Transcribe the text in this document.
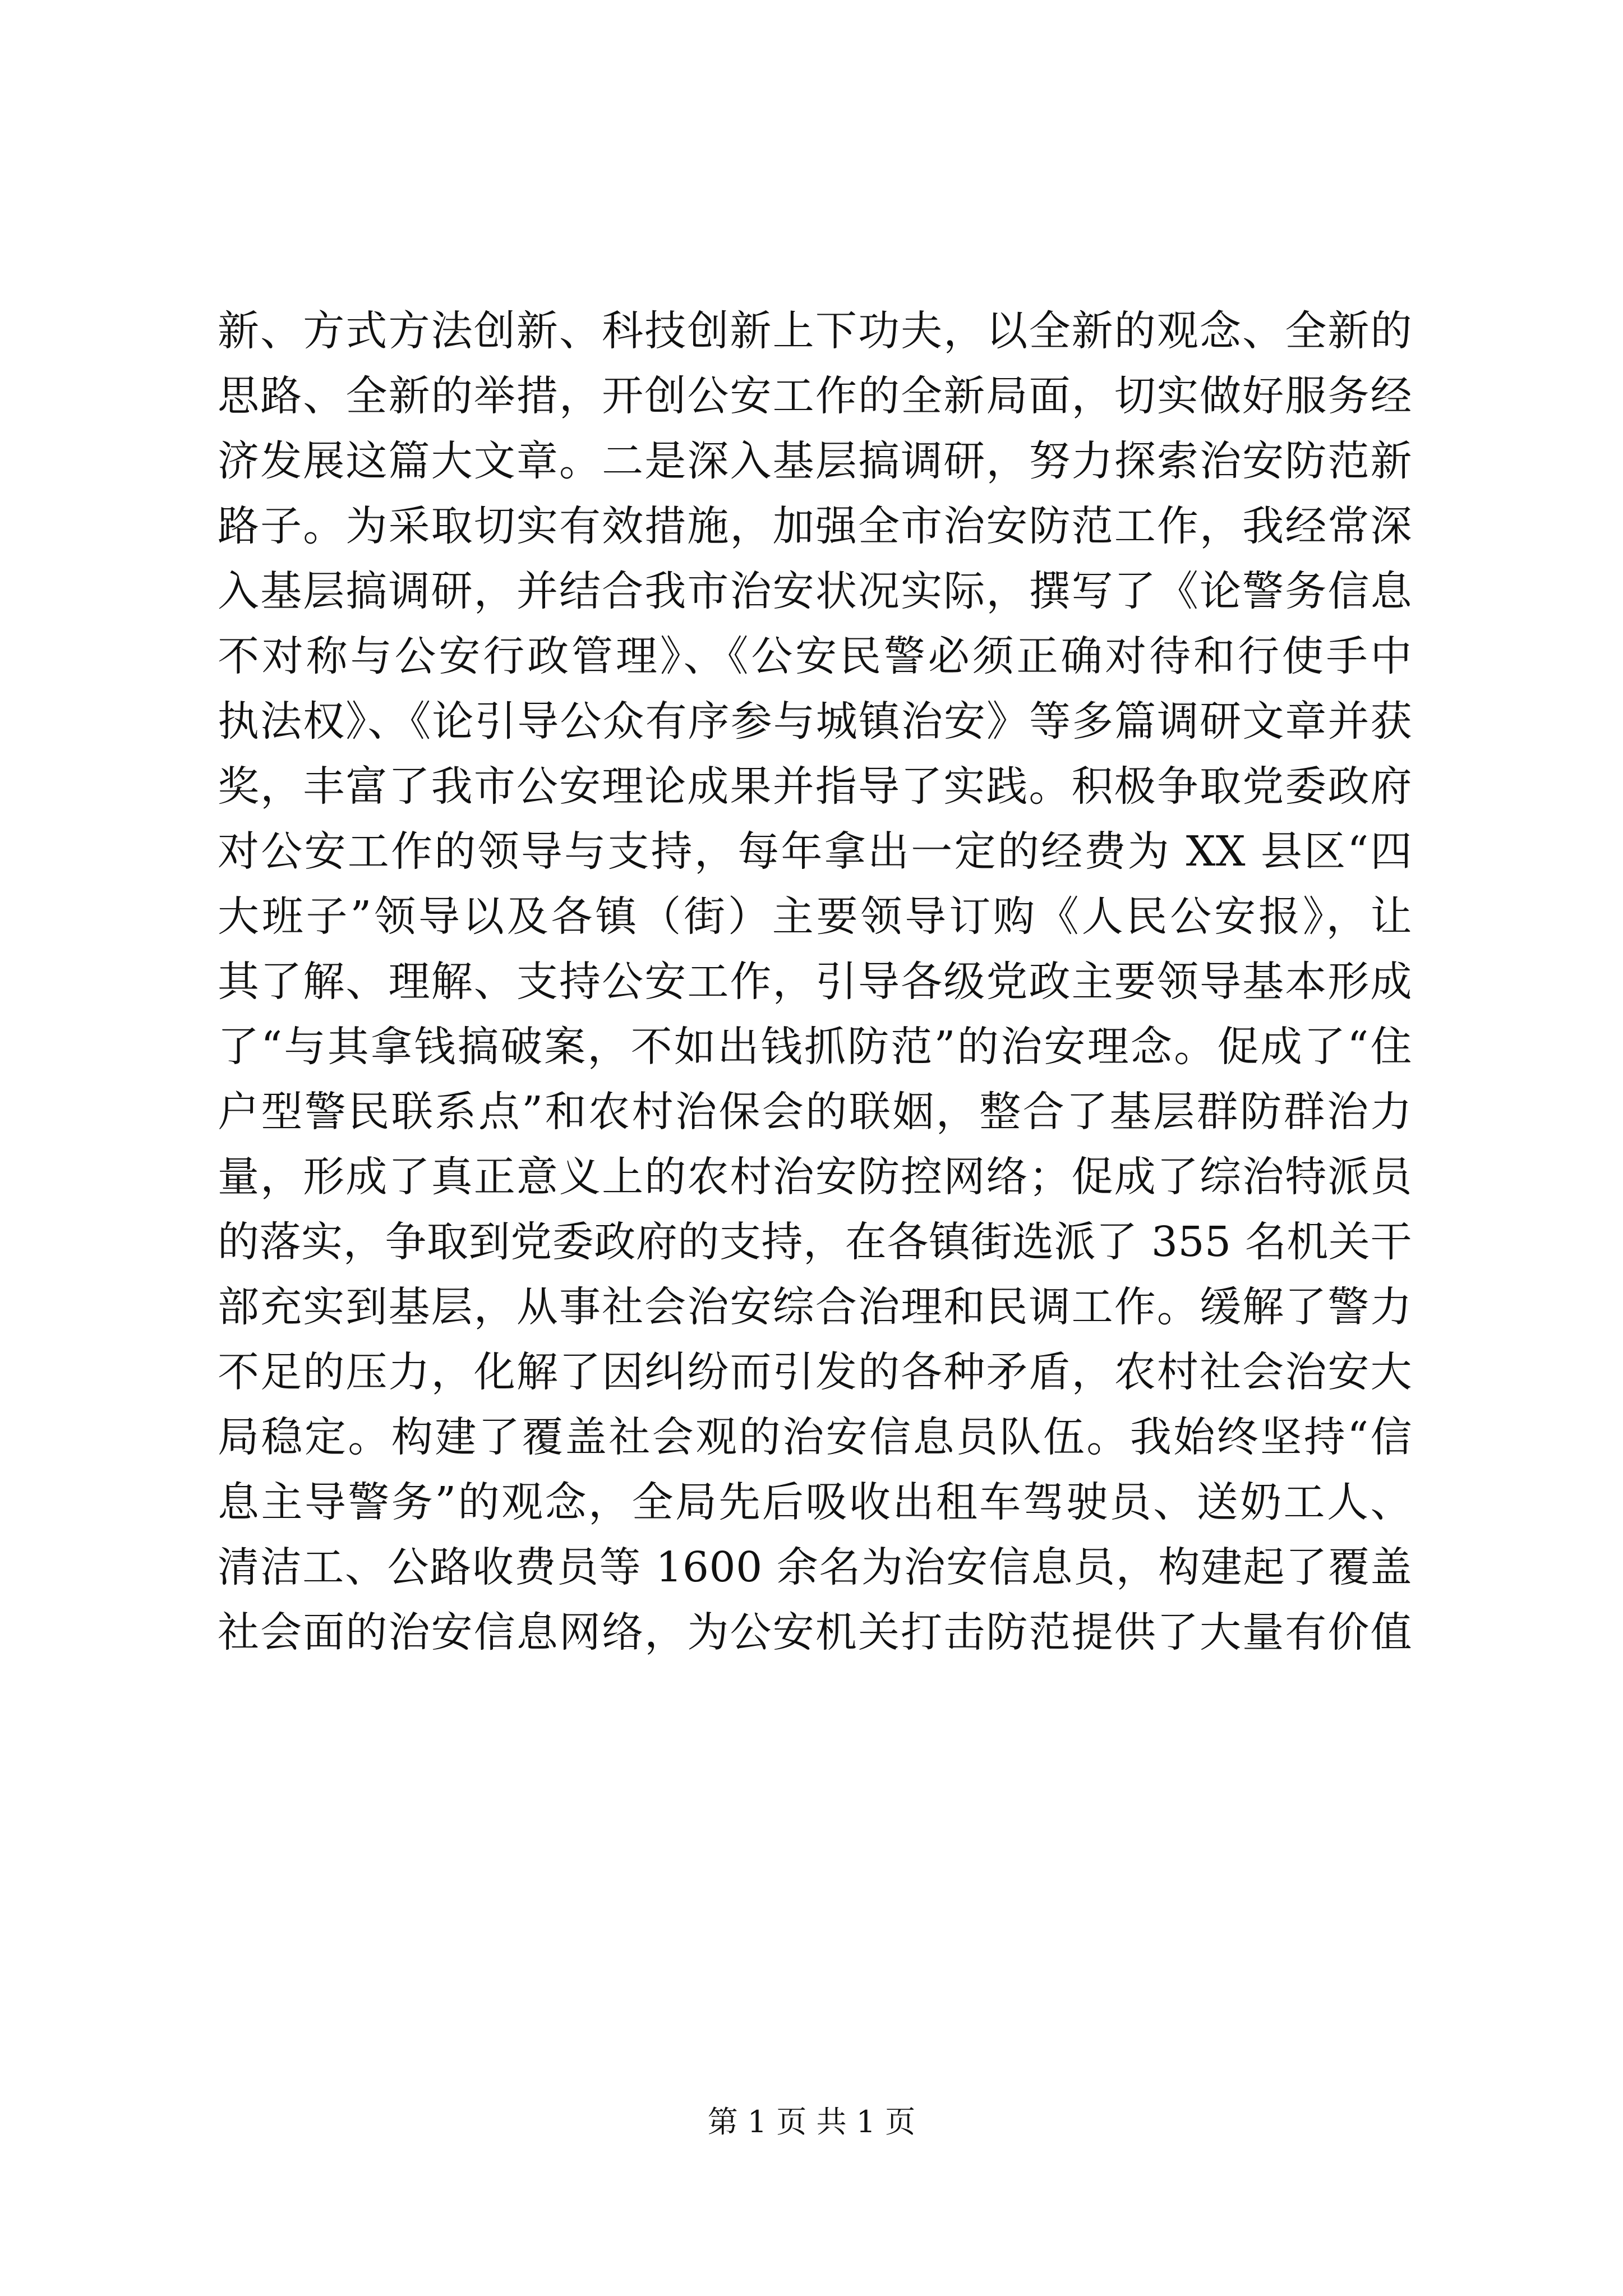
新、方式方法创新、科技创新上下功夫，以全新的观念、全新的
思路、全新的举措，开创公安工作的全新局面，切实做好服务经
济发展这篇大文章。二是深入基层搞调研，努力探索治安防范新
路子。为采取切实有效措施，加强全市治安防范工作，我经常深
入基层搞调研，并结合我市治安状况实际，撰写了《论警务信息
不对称与公安行政管理》、《公安民警必须正确对待和行使手中
执法权》、《论引导公众有序参与城镇治安》等多篇调研文章并获
奖，丰富了我市公安理论成果并指导了实践。积极争取党委政府
对公安工作的领导与支持，每年拿出一定的经费为 XX 县区“四
大班子”领导以及各镇（街）主要领导订购《人民公安报》，让
其了解、理解、支持公安工作，引导各级党政主要领导基本形成
了“与其拿钱搞破案，不如出钱抓防范”的治安理念。促成了“住
户型警民联系点”和农村治保会的联姻，整合了基层群防群治力
量，形成了真正意义上的农村治安防控网络；促成了综治特派员
的落实，争取到党委政府的支持，在各镇街选派了 355 名机关干
部充实到基层，从事社会治安综合治理和民调工作。缓解了警力
不足的压力，化解了因纠纷而引发的各种矛盾，农村社会治安大
局稳定。构建了覆盖社会观的治安信息员队伍。我始终坚持“信
息主导警务”的观念，全局先后吸收出租车驾驶员、送奶工人、
清洁工、公路收费员等 1600 余名为治安信息员，构建起了覆盖
社会面的治安信息网络，为公安机关打击防范提供了大量有价值
第 1 页 共 1 页
